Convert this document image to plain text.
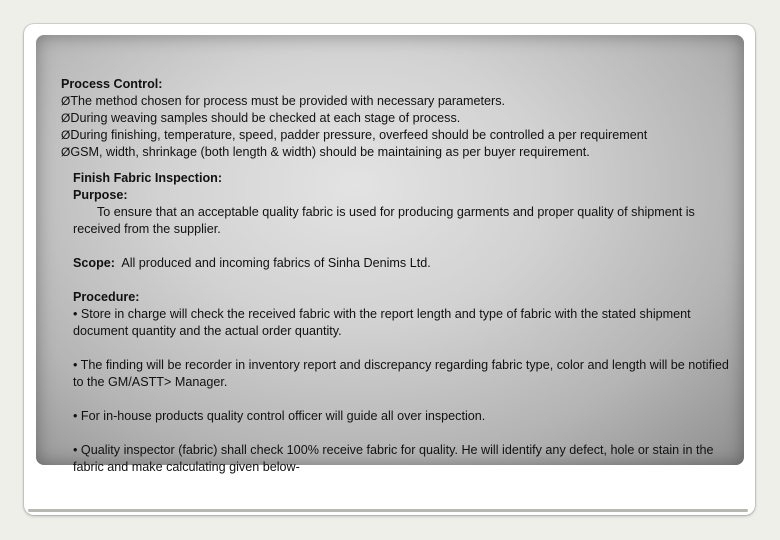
Process Control:

ØThe method chosen for process must be provided with necessary parameters.

ØDuring weaving samples should be checked at each stage of process.

ØDuring finishing, temperature, speed, padder pressure, overfeed should be controlled a per requirement

ØGSM, width, shrinkage (both length & width) should be maintaining as per buyer requirement.

Finish Fabric Inspection:

Purpose:

To ensure that an acceptable quality fabric is used for producing garments and proper quality of shipment is received from the supplier.

Scope: All produced and incoming fabrics of Sinha Denims Ltd.

Procedure:

• Store in charge will check the received fabric with the report length and type of fabric with the stated shipment document quantity and the actual order quantity.

• The finding will be recorder in inventory report and discrepancy regarding fabric type, color and length will be notified to the GM/ASTT> Manager.

• For in-house products quality control officer will guide all over inspection.

• Quality inspector (fabric) shall check 100% receive fabric for quality. He will identify any defect, hole or stain in the fabric and make calculating given below-
